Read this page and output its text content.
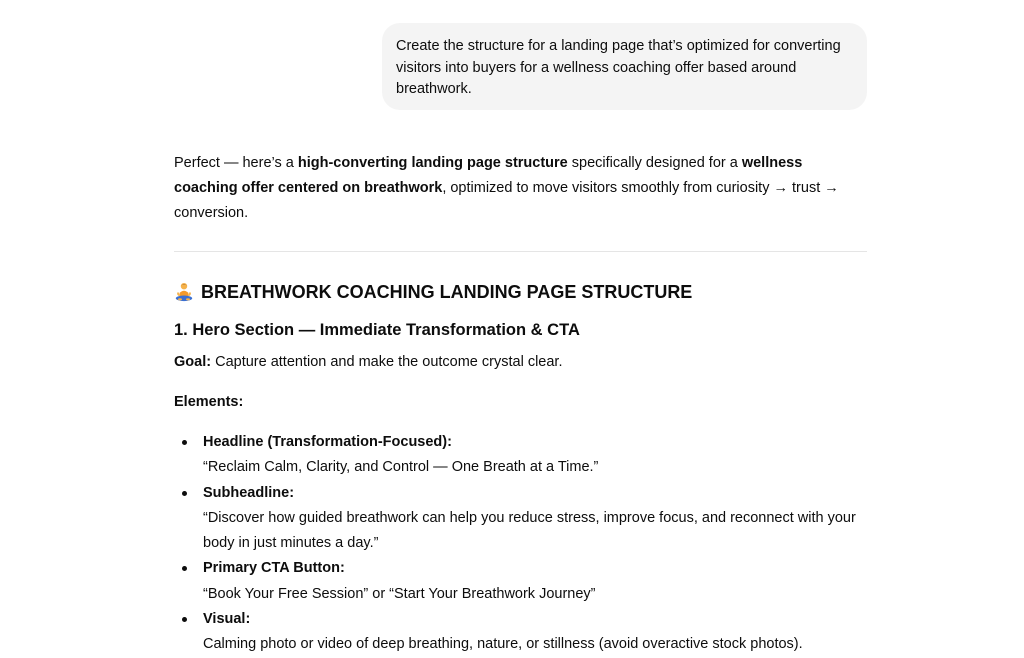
Create the structure for a landing page that’s optimized for converting visitors into buyers for a wellness coaching offer based around breathwork.

Perfect — here’s a high-converting landing page structure specifically designed for a wellness coaching offer centered on breathwork, optimized to move visitors smoothly from curiosity → trust → conversion.

BREATHWORK COACHING LANDING PAGE STRUCTURE
1. Hero Section — Immediate Transformation & CTA

Goal: Capture attention and make the outcome crystal clear.

Elements:

Headline (Transformation-Focused):
“Reclaim Calm, Clarity, and Control — One Breath at a Time.”
Subheadline:
“Discover how guided breathwork can help you reduce stress, improve focus, and reconnect with your body in just minutes a day.”
Primary CTA Button:
“Book Your Free Session” or “Start Your Breathwork Journey”
Visual:
Calming photo or video of deep breathing, nature, or stillness (avoid overactive stock photos).
